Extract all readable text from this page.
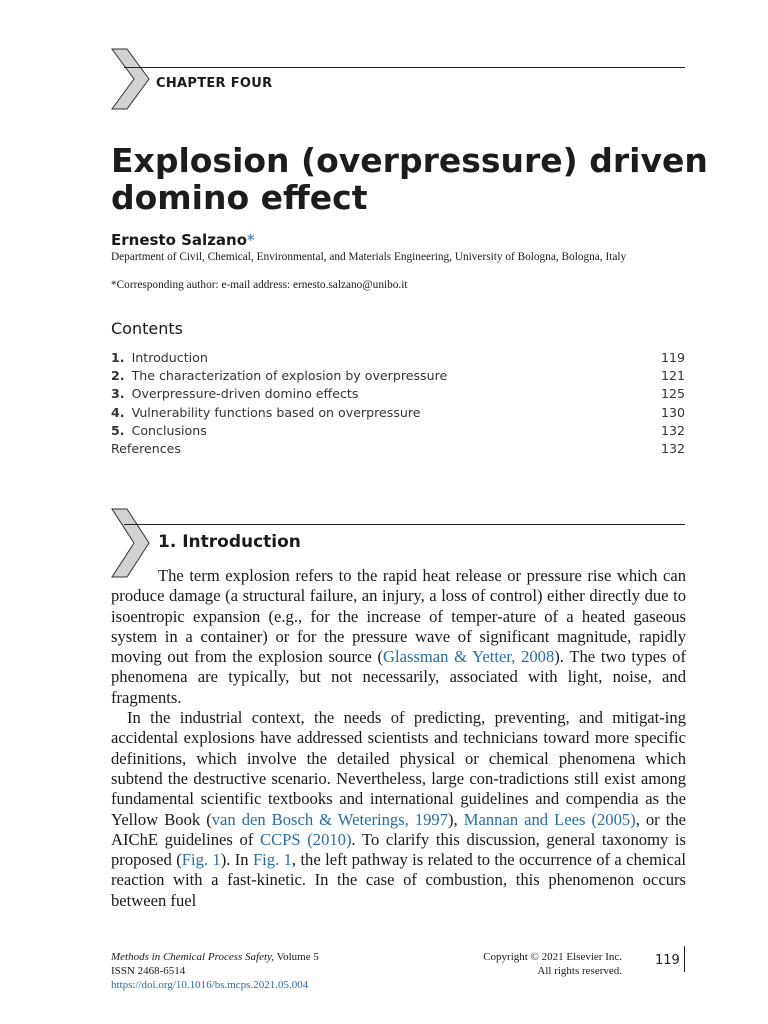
CHAPTER FOUR
Explosion (overpressure) driven
domino effect
Ernesto Salzano*
Department of Civil, Chemical, Environmental, and Materials Engineering, University of Bologna, Bologna, Italy
*Corresponding author: e-mail address: ernesto.salzano@unibo.it
Contents
1. Introduction	119
2. The characterization of explosion by overpressure	121
3. Overpressure-driven domino effects	125
4. Vulnerability functions based on overpressure	130
5. Conclusions	132
References	132
1. Introduction

The term explosion refers to the rapid heat release or pressure rise which can produce damage (a structural failure, an injury, a loss of control) either directly due to isoentropic expansion (e.g., for the increase of temper‑ature of a heated gaseous system in a container) or for the pressure wave of significant magnitude, rapidly moving out from the explosion source (Glassman & Yetter, 2008). The two types of phenomena are typically, but not necessarily, associated with light, noise, and fragments.

In the industrial context, the needs of predicting, preventing, and mitigat‑ing accidental explosions have addressed scientists and technicians toward more specific definitions, which involve the detailed physical or chemical phenomena which subtend the destructive scenario. Nevertheless, large con‑tradictions still exist among fundamental scientific textbooks and international guidelines and compendia as the Yellow Book (van den Bosch & Weterings, 1997), Mannan and Lees (2005), or the AIChE guidelines of CCPS (2010). To clarify this discussion, general taxonomy is proposed (Fig. 1). In Fig. 1, the left pathway is related to the occurrence of a chemical reaction with a fast‑kinetic. In the case of combustion, this phenomenon occurs between fuel

Methods in Chemical Process Safety, Volume 5
ISSN 2468-6514
https://doi.org/10.1016/bs.mcps.2021.05.004
Copyright © 2021 Elsevier Inc.
All rights reserved.
119
